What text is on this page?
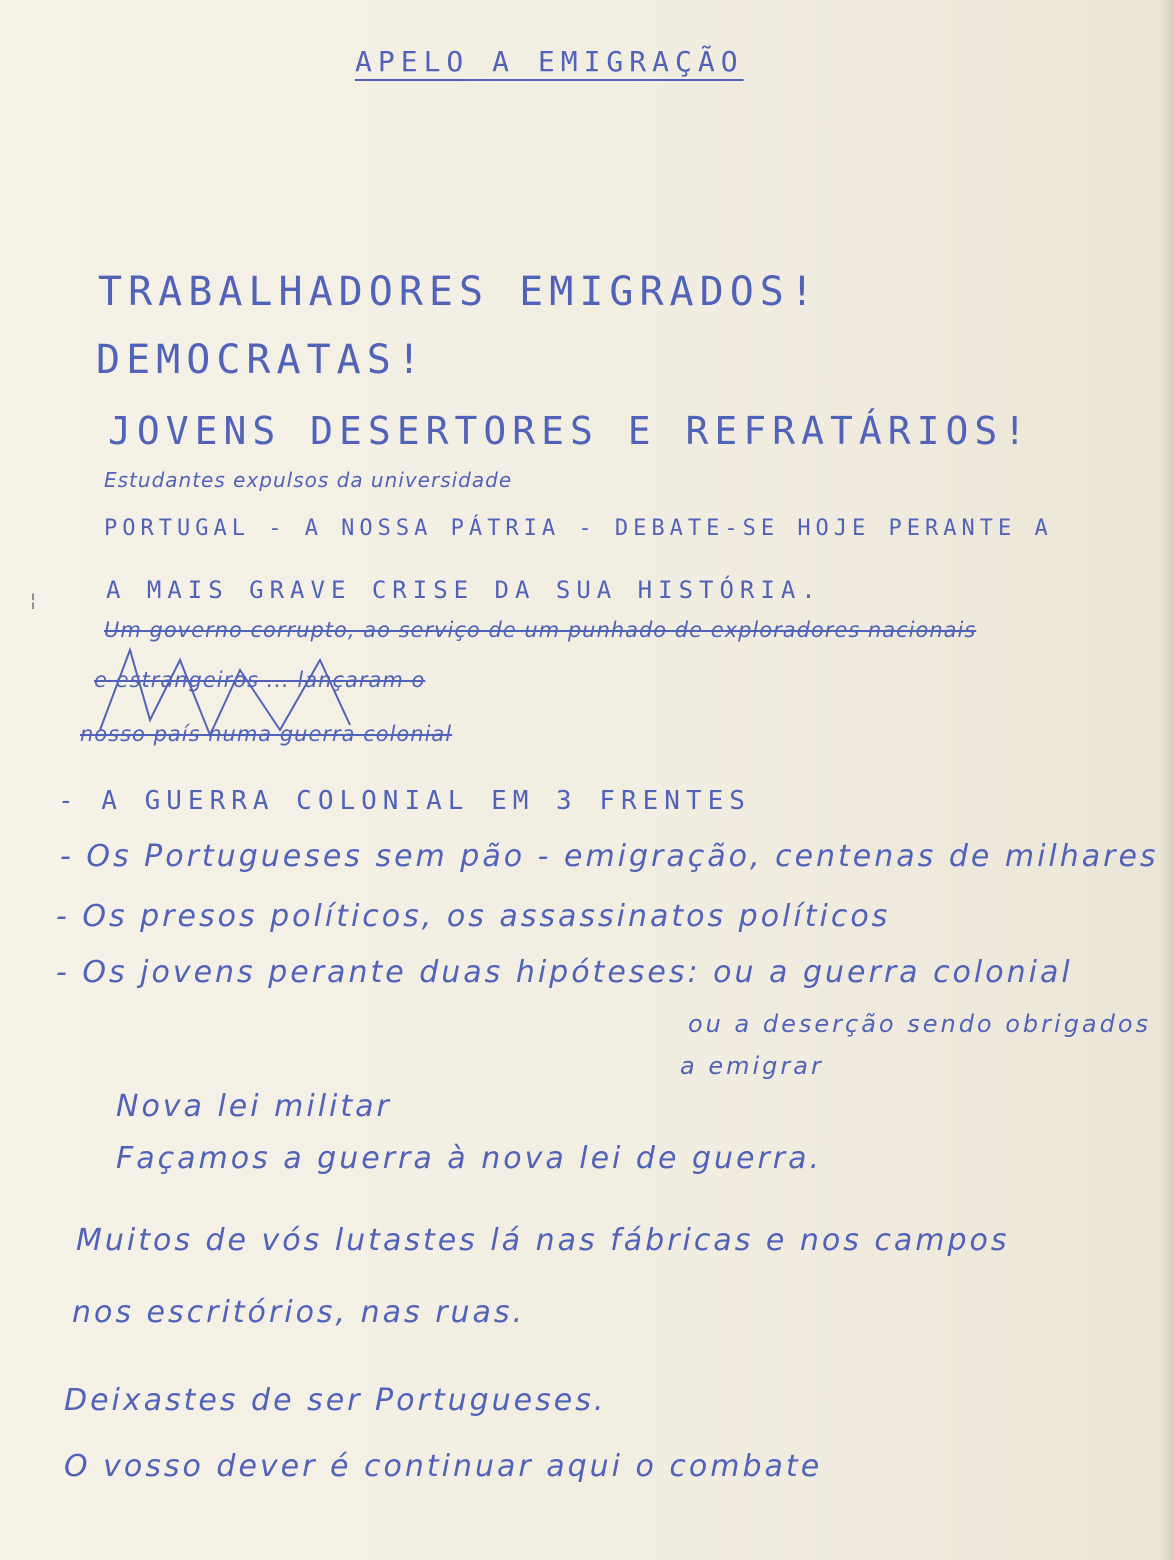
¦
APELO A EMIGRAÇÃO
TRABALHADORES EMIGRADOS!
DEMOCRATAS!
JOVENS DESERTORES E REFRATÁRIOS!
Estudantes expulsos da universidade
PORTUGAL - A NOSSA PÁTRIA - DEBATE-SE HOJE PERANTE A
A MAIS GRAVE CRISE DA SUA HISTÓRIA.
Um governo corrupto, ao serviço de um punhado de exploradores nacionais
e estrangeiros ... lançaram o
nosso país numa guerra colonial
- A GUERRA COLONIAL EM 3 FRENTES
- Os Portugueses sem pão - emigração, centenas de milhares
- Os presos políticos, os assassinatos políticos
- Os jovens perante duas hipóteses: ou a guerra colonial
ou a deserção sendo obrigados
a emigrar
Nova lei militar
Façamos a guerra à nova lei de guerra.
Muitos de vós lutastes lá nas fábricas e nos campos
nos escritórios, nas ruas.
Deixastes de ser Portugueses.
O vosso dever é continuar aqui o combate
